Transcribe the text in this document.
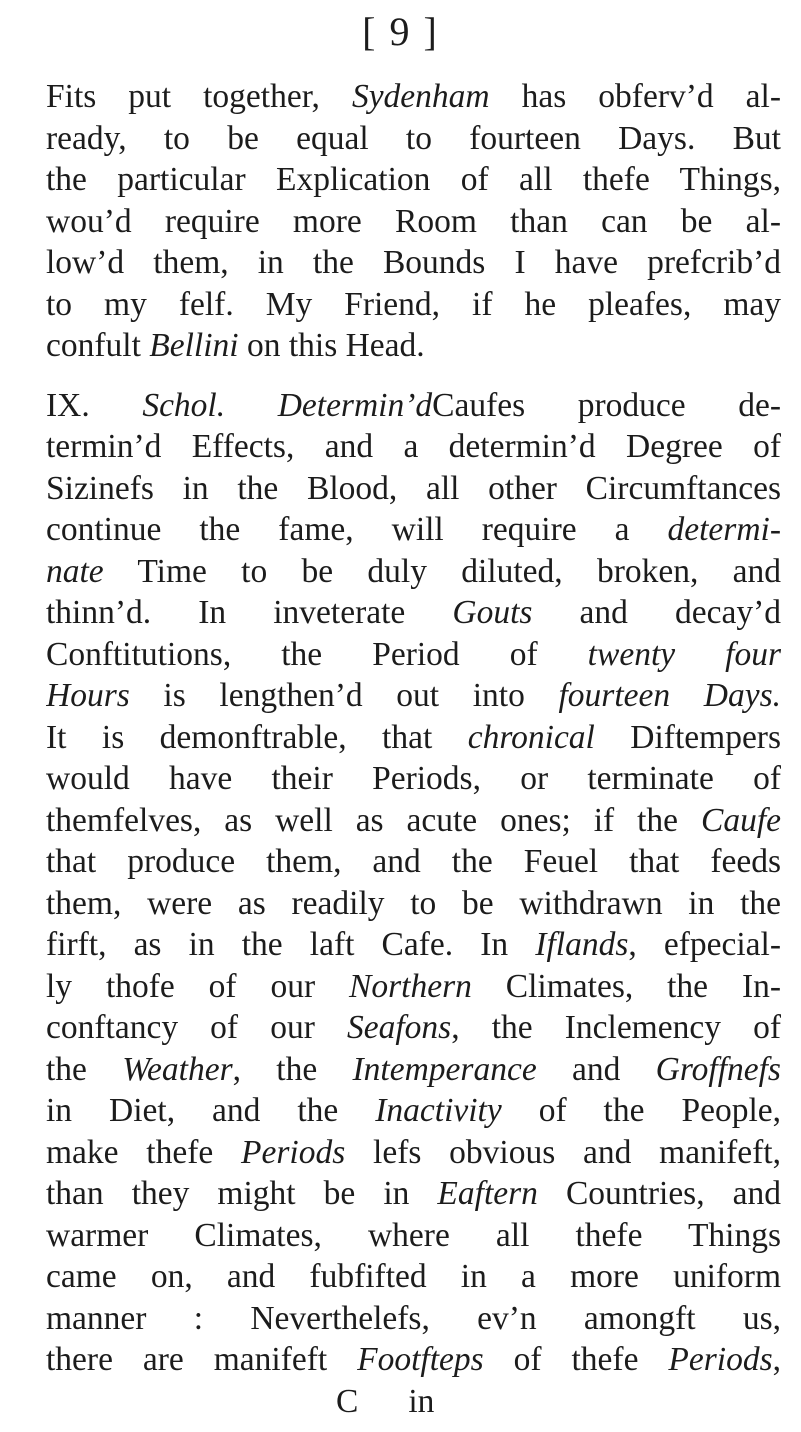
[ 9 ]
Fits put together, Sydenham has obferv’d al-
ready, to be equal to fourteen Days. But
the particular Explication of all thefe Things,
wou’d require more Room than can be al-
low’d them, in the Bounds I have prefcrib’d
to my felf. My Friend, if he pleafes, may
confult Bellini on this Head.
IX. Schol. Determin’dCaufes produce de-
termin’d Effects, and a determin’d Degree of
Sizinefs in the Blood, all other Circumftances
continue the fame, will require a determi-
nate Time to be duly diluted, broken, and
thinn’d. In inveterate Gouts and decay’d
Conftitutions, the Period of twenty four
Hours is lengthen’d out into fourteen Days.
It is demonftrable, that chronical Diftempers
would have their Periods, or terminate of
themfelves, as well as acute ones; if the Caufe
that produce them, and the Feuel that feeds
them, were as readily to be withdrawn in the
firft, as in the laft Cafe. In Iflands, efpecial-
ly thofe of our Northern Climates, the In-
conftancy of our Seafons, the Inclemency of
the Weather, the Intemperance and Groffnefs
in Diet, and the Inactivity of the People,
make thefe Periods lefs obvious and manifeft,
than they might be in Eaftern Countries, and
warmer Climates, where all thefe Things
came on, and fubfifted in a more uniform
manner : Neverthelefs, ev’n amongft us,
there are manifeft Footfteps of thefe Periods,
C in
